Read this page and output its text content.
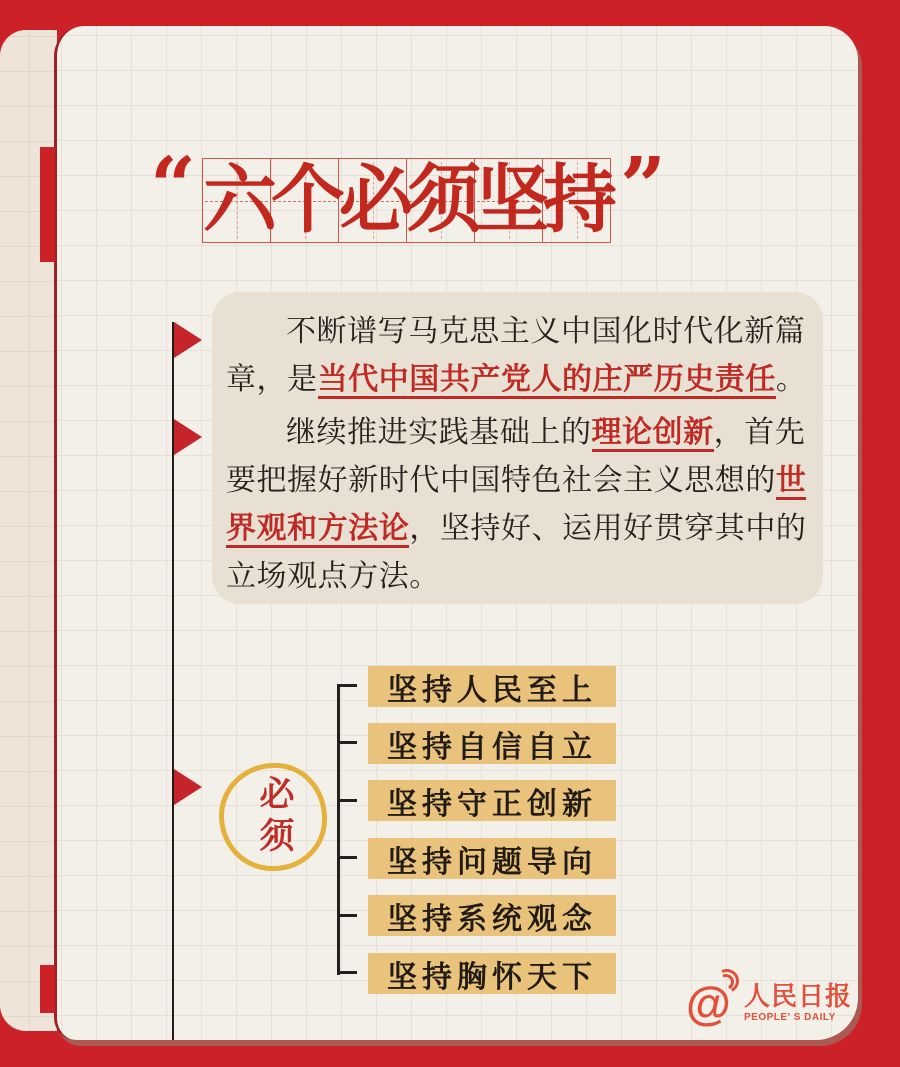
“ 六
个
必
须
坚
持 ”

不断谱写马克思主义中国化时代化新篇章，是当代中国共产党人的庄严历史责任。

继续推进实践基础上的理论创新，首先要把握好新时代中国特色社会主义思想的世界观和方法论，坚持好、运用好贯穿其中的立场观点方法。

必须
坚持人民至上
坚持自信自立
坚持守正创新
坚持问题导向
坚持系统观念
坚持胸怀天下	@ 人民日报
PEOPLE' S DAILY
